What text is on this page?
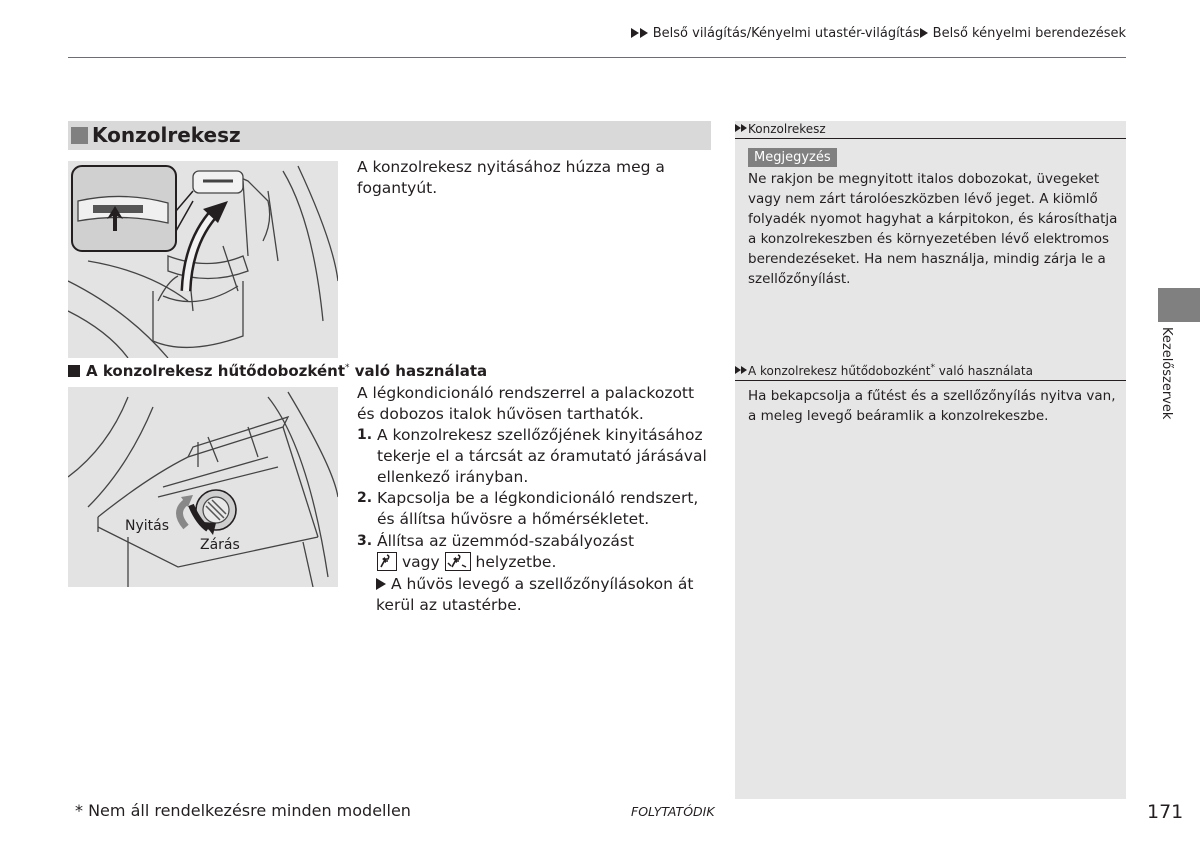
Belső világítás/Kényelmi utastér-világítás Belső kényelmi berendezések
Konzolrekesz
A konzolrekesz nyitásához húzza meg a fogantyút.
A konzolrekesz hűtődobozként* való használata
Nyitás
Zárás
A légkondicionáló rendszerrel a palackozott és dobozos italok hűvösen tarthatók.
1. A konzolrekesz szellőzőjének kinyitásához tekerje el a tárcsát az óramutató járásával ellenkező irányban.
2. Kapcsolja be a légkondicionáló rendszert, és állítsa hűvösre a hőmérsékletet.
3. Állítsa az üzemmód-szabályozást

vagy helyzetbe.
A hűvös levegő a szellőzőnyílásokon át kerül az utastérbe.
Konzolrekesz
Megjegyzés
Ne rakjon be megnyitott italos dobozokat, üvegeket vagy nem zárt tárolóeszközben lévő jeget. A kiömlő folyadék nyomot hagyhat a kárpitokon, és károsíthatja a konzolrekeszben és környezetében lévő elektromos berendezéseket. Ha nem használja, mindig zárja le a szellőzőnyílást.
A konzolrekesz hűtődobozként* való használata
Ha bekapcsolja a fűtést és a szellőzőnyílás nyitva van, a meleg levegő beáramlik a konzolrekeszbe.	Kezelőszervek
* Nem áll rendelkezésre minden modellen	FOLYTATÓDIK	171
